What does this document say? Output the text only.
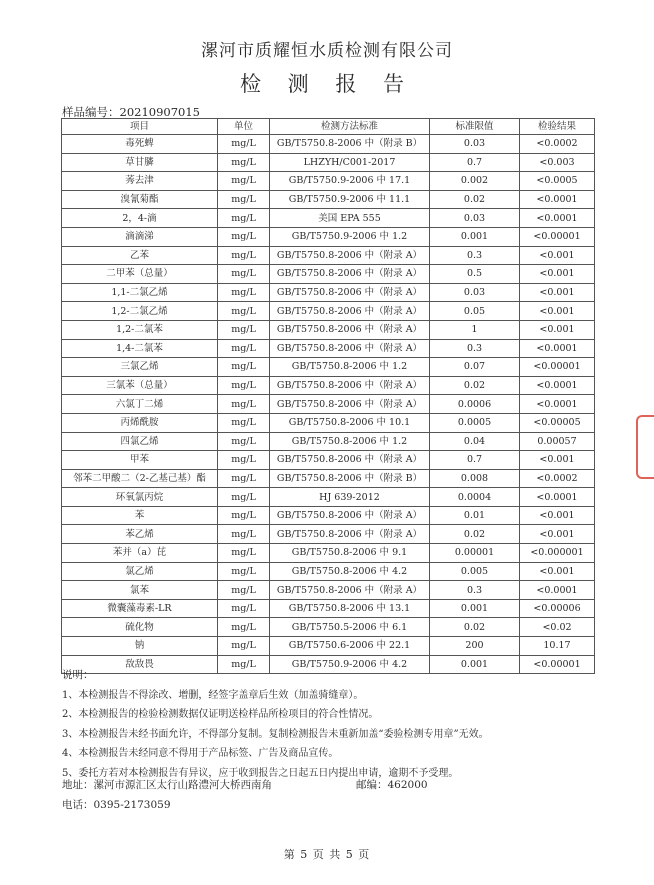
漯河市质耀恒水质检测有限公司
检 测 报 告
样品编号：20210907015
项目	单位	检测方法标准	标准限值	检验结果
毒死蜱	mg/L	GB/T5750.8-2006 中（附录 B）	0.03	<0.0002
草甘膦	mg/L	LHZYH/C001-2017	0.7	<0.003
莠去津	mg/L	GB/T5750.9-2006 中 17.1	0.002	<0.0005
溴氰菊酯	mg/L	GB/T5750.9-2006 中 11.1	0.02	<0.0001
2，4-滴	mg/L	美国 EPA 555	0.03	<0.0001
滴滴涕	mg/L	GB/T5750.9-2006 中 1.2	0.001	<0.00001
乙苯	mg/L	GB/T5750.8-2006 中（附录 A）	0.3	<0.001
二甲苯（总量）	mg/L	GB/T5750.8-2006 中（附录 A）	0.5	<0.001
1,1-二氯乙烯	mg/L	GB/T5750.8-2006 中（附录 A）	0.03	<0.001
1,2-二氯乙烯	mg/L	GB/T5750.8-2006 中（附录 A）	0.05	<0.001
1,2-二氯苯	mg/L	GB/T5750.8-2006 中（附录 A）	1	<0.001
1,4-二氯苯	mg/L	GB/T5750.8-2006 中（附录 A）	0.3	<0.0001
三氯乙烯	mg/L	GB/T5750.8-2006 中 1.2	0.07	<0.00001
三氯苯（总量）	mg/L	GB/T5750.8-2006 中（附录 A）	0.02	<0.0001
六氯丁二烯	mg/L	GB/T5750.8-2006 中（附录 A）	0.0006	<0.0001
丙烯酰胺	mg/L	GB/T5750.8-2006 中 10.1	0.0005	<0.00005
四氯乙烯	mg/L	GB/T5750.8-2006 中 1.2	0.04	0.00057
甲苯	mg/L	GB/T5750.8-2006 中（附录 A）	0.7	<0.001
邻苯二甲酸二（2-乙基己基）酯	mg/L	GB/T5750.8-2006 中（附录 B）	0.008	<0.0002
环氧氯丙烷	mg/L	HJ 639-2012	0.0004	<0.0001
苯	mg/L	GB/T5750.8-2006 中（附录 A）	0.01	<0.001
苯乙烯	mg/L	GB/T5750.8-2006 中（附录 A）	0.02	<0.001
苯并（a）芘	mg/L	GB/T5750.8-2006 中 9.1	0.00001	<0.000001
氯乙烯	mg/L	GB/T5750.8-2006 中 4.2	0.005	<0.001
氯苯	mg/L	GB/T5750.8-2006 中（附录 A）	0.3	<0.0001
微囊藻毒素-LR	mg/L	GB/T5750.8-2006 中 13.1	0.001	<0.00006
硫化物	mg/L	GB/T5750.5-2006 中 6.1	0.02	<0.02
钠	mg/L	GB/T5750.6-2006 中 22.1	200	10.17
敌敌畏	mg/L	GB/T5750.9-2006 中 4.2	0.001	<0.00001
说明：
1、本检测报告不得涂改、增删，经签字盖章后生效（加盖骑缝章）。
2、本检测报告的检验检测数据仅证明送检样品所检项目的符合性情况。
3、本检测报告未经书面允许，不得部分复制。复制检测报告未重新加盖“委验检测专用章”无效。
4、本检测报告未经同意不得用于产品标签、广告及商品宣传。
5、委托方若对本检测报告有异议，应于收到报告之日起五日内提出申请，逾期不予受理。
地址：漯河市源汇区太行山路澧河大桥西南角	邮编：462000
电话：0395-2173059
第 5 页 共 5 页
